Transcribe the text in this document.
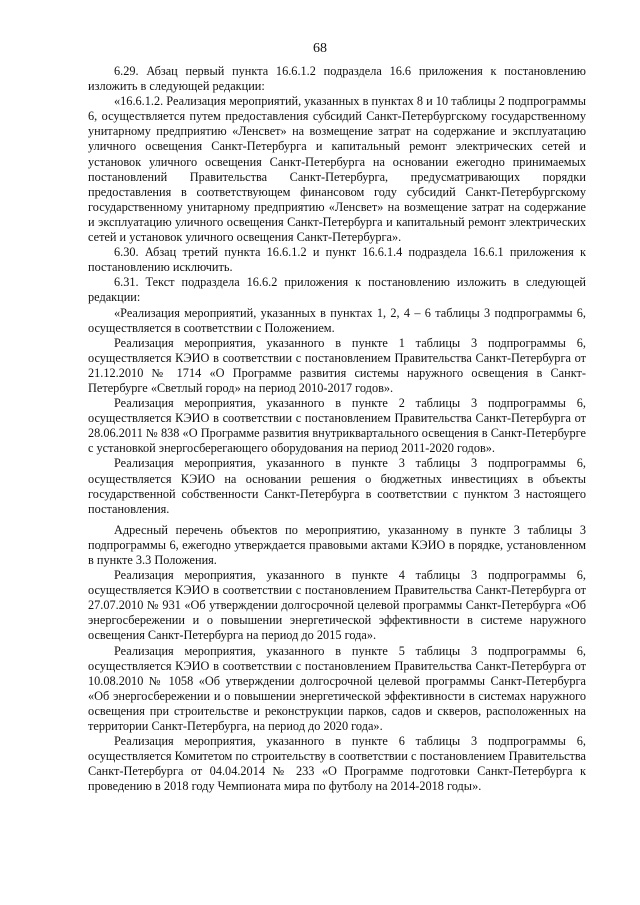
68

6.29. Абзац первый пункта 16.6.1.2 подраздела 16.6 приложения к постановлению изложить в следующей редакции:

«16.6.1.2. Реализация мероприятий, указанных в пунктах 8 и 10 таблицы 2 подпрограммы 6, осуществляется путем предоставления субсидий Санкт-Петербургскому государственному унитарному предприятию «Ленсвет» на возмещение затрат на содержание и эксплуатацию уличного освещения Санкт-Петербурга и капитальный ремонт электрических сетей и установок уличного освещения Санкт-Петербурга на основании ежегодно принимаемых постановлений Правительства Санкт-Петербурга, предусматривающих порядки предоставления в соответствующем финансовом году субсидий Санкт-Петербургскому государственному унитарному предприятию «Ленсвет» на возмещение затрат на содержание и эксплуатацию уличного освещения Санкт-Петербурга и капитальный ремонт электрических сетей и установок уличного освещения Санкт-Петербурга».

6.30. Абзац третий пункта 16.6.1.2 и пункт 16.6.1.4 подраздела 16.6.1 приложения к постановлению исключить.

6.31. Текст подраздела 16.6.2 приложения к постановлению изложить в следующей редакции:

«Реализация мероприятий, указанных в пунктах 1, 2, 4 – 6 таблицы 3 подпрограммы 6, осуществляется в соответствии с Положением.

Реализация мероприятия, указанного в пункте 1 таблицы 3 подпрограммы 6, осуществляется КЭИО в соответствии с постановлением Правительства Санкт-Петербурга от 21.12.2010 № 1714 «О Программе развития системы наружного освещения в Санкт-Петербурге «Светлый город» на период 2010-2017 годов».

Реализация мероприятия, указанного в пункте 2 таблицы 3 подпрограммы 6, осуществляется КЭИО в соответствии с постановлением Правительства Санкт-Петербурга от 28.06.2011 № 838 «О Программе развития внутриквартального освещения в Санкт-Петербурге с установкой энергосберегающего оборудования на период 2011-2020 годов».

Реализация мероприятия, указанного в пункте 3 таблицы 3 подпрограммы 6, осуществляется КЭИО на основании решения о бюджетных инвестициях в объекты государственной собственности Санкт-Петербурга в соответствии с пунктом 3 настоящего постановления.

Адресный перечень объектов по мероприятию, указанному в пункте 3 таблицы 3 подпрограммы 6, ежегодно утверждается правовыми актами КЭИО в порядке, установленном в пункте 3.3 Положения.

Реализация мероприятия, указанного в пункте 4 таблицы 3 подпрограммы 6, осуществляется КЭИО в соответствии с постановлением Правительства Санкт-Петербурга от 27.07.2010 № 931 «Об утверждении долгосрочной целевой программы Санкт-Петербурга «Об энергосбережении и о повышении энергетической эффективности в системе наружного освещения Санкт-Петербурга на период до 2015 года».

Реализация мероприятия, указанного в пункте 5 таблицы 3 подпрограммы 6, осуществляется КЭИО в соответствии с постановлением Правительства Санкт-Петербурга от 10.08.2010 № 1058 «Об утверждении долгосрочной целевой программы Санкт-Петербурга «Об энергосбережении и о повышении энергетической эффективности в системах наружного освещения при строительстве и реконструкции парков, садов и скверов, расположенных на территории Санкт-Петербурга, на период до 2020 года».

Реализация мероприятия, указанного в пункте 6 таблицы 3 подпрограммы 6, осуществляется Комитетом по строительству в соответствии с постановлением Правительства Санкт-Петербурга от 04.04.2014 № 233 «О Программе подготовки Санкт-Петербурга к проведению в 2018 году Чемпионата мира по футболу на 2014-2018 годы».
